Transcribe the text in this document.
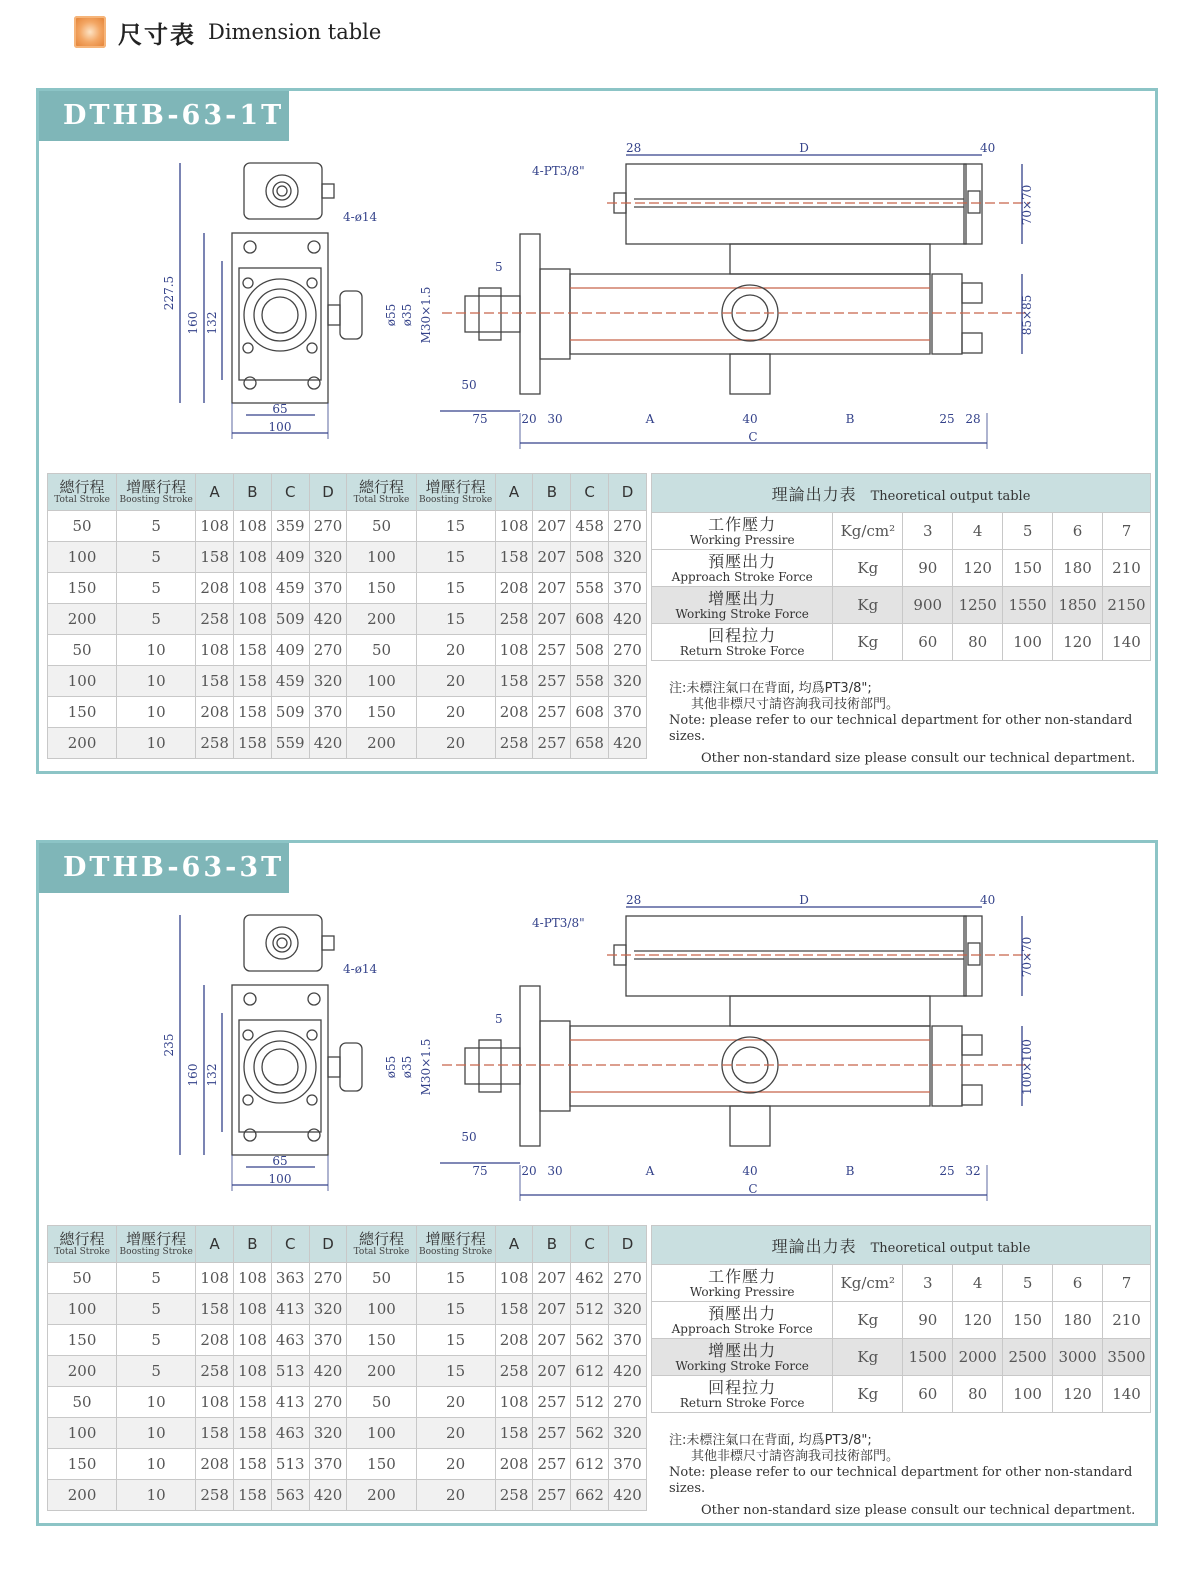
尺寸表 Dimension table
DTHB-63-1T
227.5
160 132
65
100
4-ø14
4-PT3/8"
28	D	40
70×70
85×85
ø55 ø35 M30×1.5
5
50
75	20 30	A	40	B	25 28
C
總行程
Total Stroke	增壓行程
Boosting Stroke	A	B	C	D	總行程
Total Stroke	增壓行程
Boosting Stroke	A	B	C	D

50	5	108	108	359	270	50	15	108	207	458	270
100	5	158	108	409	320	100	15	158	207	508	320
150	5	208	108	459	370	150	15	208	207	558	370
200	5	258	108	509	420	200	15	258	207	608	420
50	10	108	158	409	270	50	20	108	257	508	270
100	10	158	158	459	320	100	20	158	257	558	320
150	10	208	158	509	370	150	20	208	257	608	370
200	10	258	158	559	420	200	20	258	257	658	420
理論出力表 Theoretical output table						

工作壓力
Working Pressire	Kg/cm²	3	4	5	6	7

預壓出力
Approach Stroke Force	Kg	90	120	150	180	210

增壓出力
Working Stroke Force	Kg	900	1250	1550	1850	2150

回程拉力
Return Stroke Force	Kg	60	80	100	120	140
注:未標注氣口在背面, 均爲PT3/8";
其他非標尺寸請咨詢我司技術部門。
Note: please refer to our technical department for other non-standard sizes.
Other non-standard size please consult our technical department.
DTHB-63-3T
235
160 132
65
100
4-ø14
4-PT3/8"
28	D	40
70×70
100×100
ø55 ø35 M30×1.5
5
50
75	20 30	A	40	B	25 32
C
總行程
Total Stroke	增壓行程
Boosting Stroke	A	B	C	D	總行程
Total Stroke	增壓行程
Boosting Stroke	A	B	C	D

50	5	108	108	363	270	50	15	108	207	462	270
100	5	158	108	413	320	100	15	158	207	512	320
150	5	208	108	463	370	150	15	208	207	562	370
200	5	258	108	513	420	200	15	258	207	612	420
50	10	108	158	413	270	50	20	108	257	512	270
100	10	158	158	463	320	100	20	158	257	562	320
150	10	208	158	513	370	150	20	208	257	612	370
200	10	258	158	563	420	200	20	258	257	662	420
理論出力表 Theoretical output table						

工作壓力
Working Pressire	Kg/cm²	3	4	5	6	7

預壓出力
Approach Stroke Force	Kg	90	120	150	180	210

增壓出力
Working Stroke Force	Kg	1500	2000	2500	3000	3500

回程拉力
Return Stroke Force	Kg	60	80	100	120	140
注:未標注氣口在背面, 均爲PT3/8";
其他非標尺寸請咨詢我司技術部門。
Note: please refer to our technical department for other non-standard sizes.
Other non-standard size please consult our technical department.
